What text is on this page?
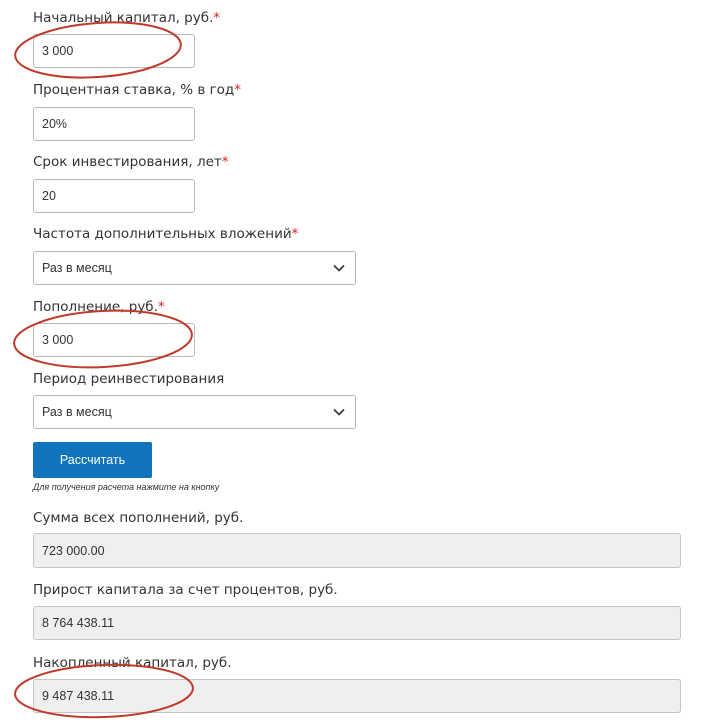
Начальный капитал, руб.*
3 000
Процентная ставка, % в год*
20%
Срок инвестирования, лет*
20
Частота дополнительных вложений*
Раз в месяц
Пополнение, руб.*
3 000
Период реинвестирования
Раз в месяц
Рассчитать
Для получения расчета нажмите на кнопку
Сумма всех пополнений, руб.
723 000.00
Прирост капитала за счет процентов, руб.
8 764 438.11
Накопленный капитал, руб.
9 487 438.11
